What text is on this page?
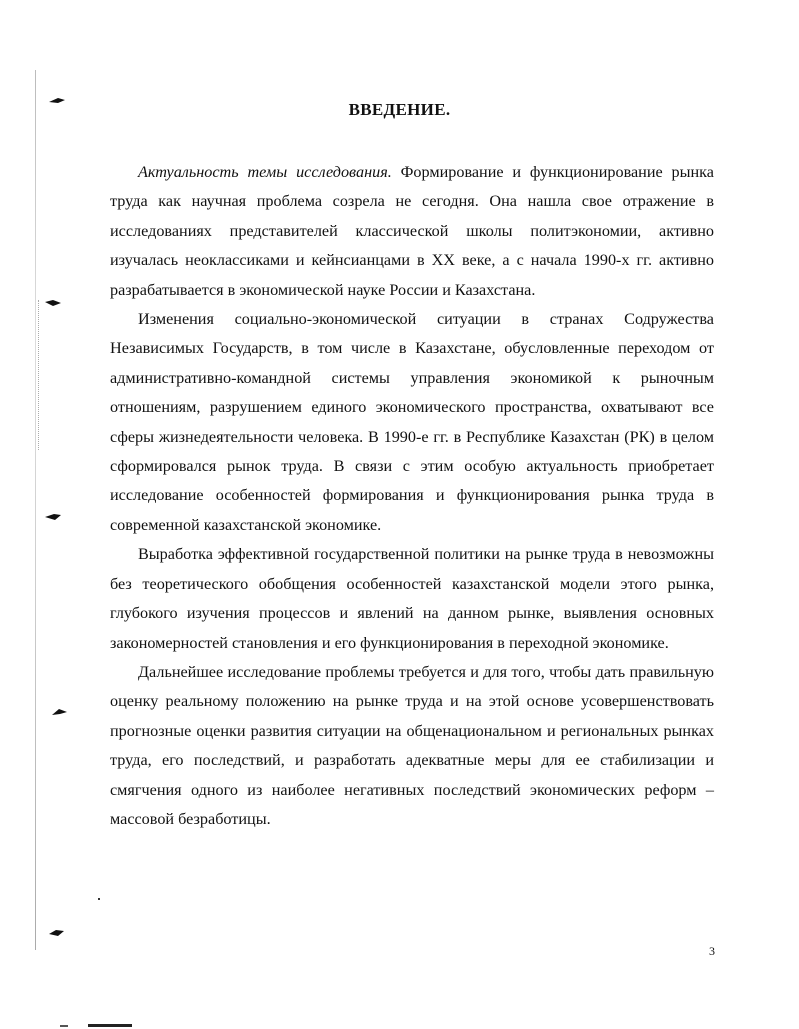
ВВЕДЕНИЕ.

Актуальность темы исследования. Формирование и функционирование рынка труда как научная проблема созрела не сегодня. Она нашла свое отражение в исследованиях представителей классической школы политэкономии, активно изучалась неоклассиками и кейнсианцами в XX веке, а с начала 1990-х гг. активно разрабатывается в экономической науке России и Казахстана.

Изменения социально-экономической ситуации в странах Содружества Независимых Государств, в том числе в Казахстане, обусловленные переходом от административно-командной системы управления экономикой к рыночным отношениям, разрушением единого экономического пространства, охватывают все сферы жизнедеятельности человека. В 1990-е гг. в Республике Казахстан (РК) в целом сформировался рынок труда. В связи с этим особую актуальность приобретает исследование особенностей формирования и функционирования рынка труда в современной казахстанской экономике.

Выработка эффективной государственной политики на рынке труда в невозможны без теоретического обобщения особенностей казахстанской модели этого рынка, глубокого изучения процессов и явлений на данном рынке, выявления основных закономерностей становления и его функционирования в переходной экономике.

Дальнейшее исследование проблемы требуется и для того, чтобы дать правильную оценку реальному положению на рынке труда и на этой основе усовершенствовать прогнозные оценки развития ситуации на общенациональном и региональных рынках труда, его последствий, и разработать адекватные меры для ее стабилизации и смягчения одного из наиболее негативных последствий экономических реформ – массовой безработицы.

3
